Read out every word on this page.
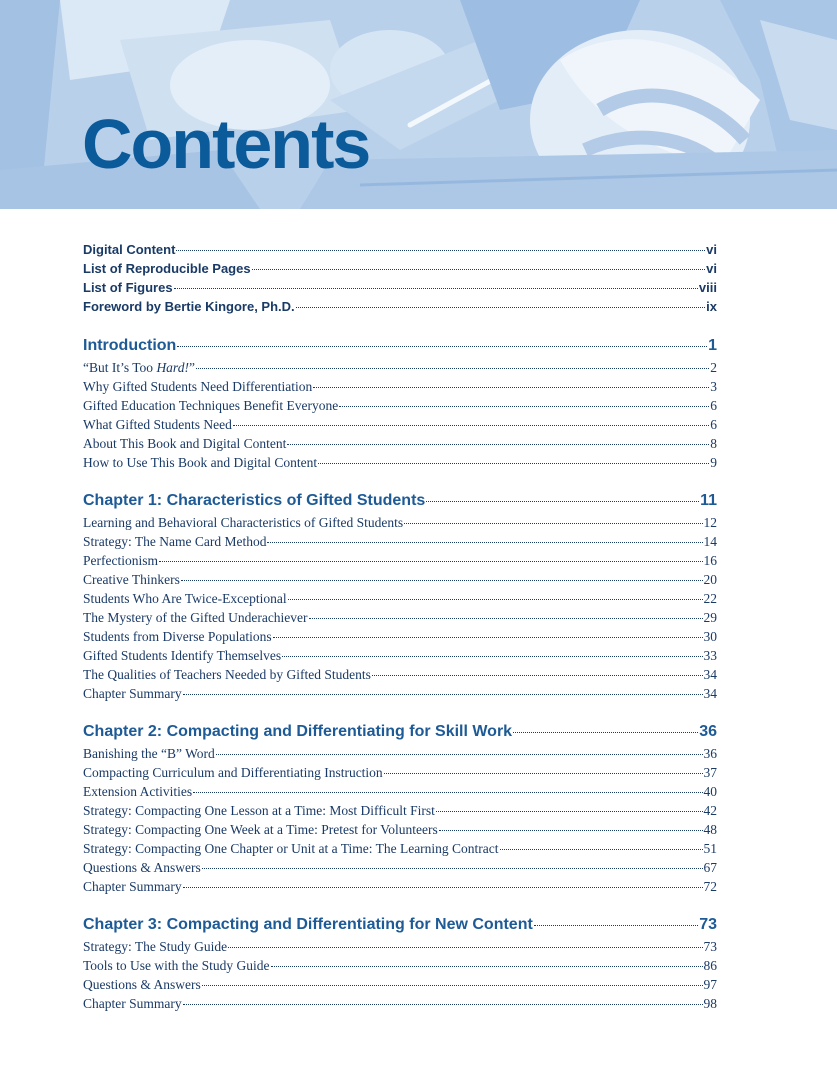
Contents
Digital Content	vi
List of Reproducible Pages	vi
List of Figures	viii
Foreword by Bertie Kingore, Ph.D.	ix
Introduction	1
“But It’s Too Hard!”	2
Why Gifted Students Need Differentiation	3
Gifted Education Techniques Benefit Everyone	6
What Gifted Students Need	6
About This Book and Digital Content	8
How to Use This Book and Digital Content	9
Chapter 1: Characteristics of Gifted Students	11
Learning and Behavioral Characteristics of Gifted Students	12
Strategy: The Name Card Method	14
Perfectionism	16
Creative Thinkers	20
Students Who Are Twice-Exceptional	22
The Mystery of the Gifted Underachiever	29
Students from Diverse Populations	30
Gifted Students Identify Themselves	33
The Qualities of Teachers Needed by Gifted Students	34
Chapter Summary	34
Chapter 2: Compacting and Differentiating for Skill Work	36
Banishing the “B” Word	36
Compacting Curriculum and Differentiating Instruction	37
Extension Activities	40
Strategy: Compacting One Lesson at a Time: Most Difficult First	42
Strategy: Compacting One Week at a Time: Pretest for Volunteers	48
Strategy: Compacting One Chapter or Unit at a Time: The Learning Contract	51
Questions & Answers	67
Chapter Summary	72
Chapter 3: Compacting and Differentiating for New Content	73
Strategy: The Study Guide	73
Tools to Use with the Study Guide	86
Questions & Answers	97
Chapter Summary	98
